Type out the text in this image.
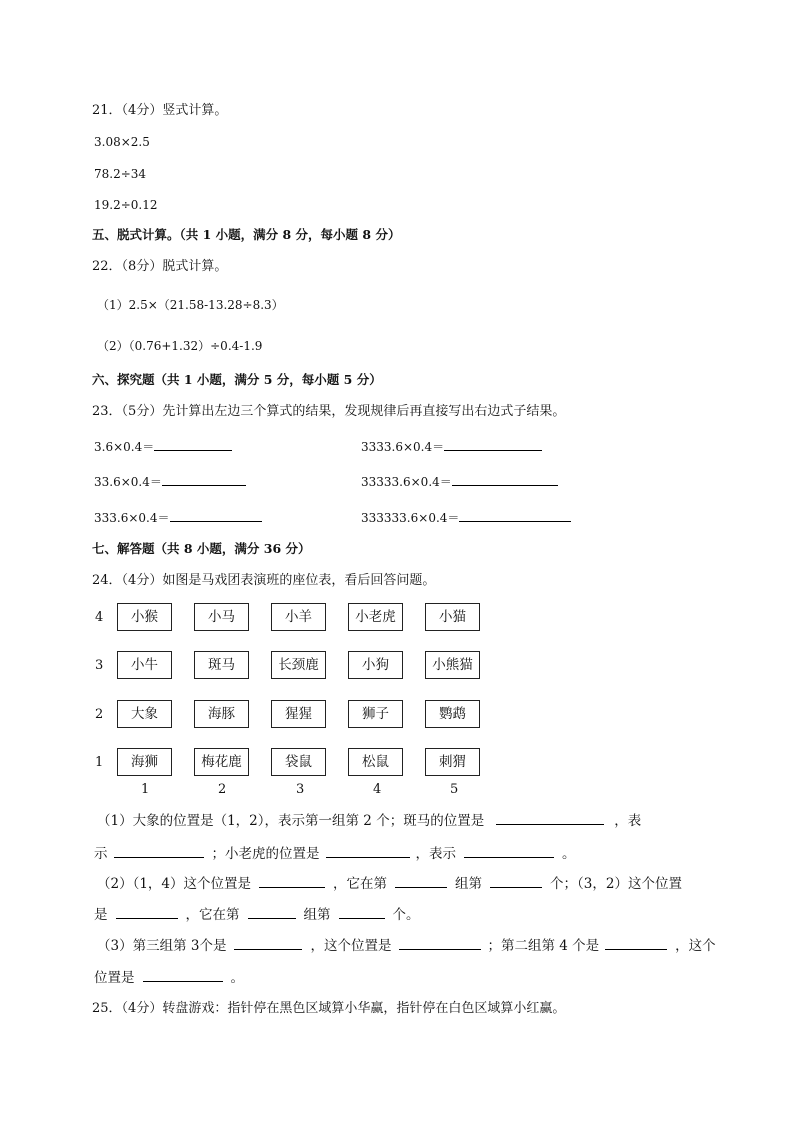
21．（4分）竖式计算。
3.08×2.5
78.2÷34
19.2÷0.12
五、脱式计算。（共 1 小题，满分 8 分，每小题 8 分）
22．（8分）脱式计算。
（1）2.5×（21.58-13.28÷8.3）
（2）（0.76+1.32）÷0.4-1.9
六、探究题（共 1 小题，满分 5 分，每小题 5 分）
23．（5分）先计算出左边三个算式的结果，发现规律后再直接写出右边式子结果。
3.6×0.4＝
33.6×0.4＝
333.6×0.4＝
3333.6×0.4＝
33333.6×0.4＝
333333.6×0.4＝
七、解答题（共 8 小题，满分 36 分）
24．（4分）如图是马戏团表演班的座位表，看后回答问题。
4	小猴	小马	小羊	小老虎	小猫
3	小牛	斑马	长颈鹿	小狗	小熊猫
2	大象	海豚	猩猩	狮子	鹦鹉
1	海狮	梅花鹿	袋鼠	松鼠	刺猬
1	2	3	4	5
（1）大象的位置是（1，2），表示第一组第 2 个；斑马的位置是	，表
示	；小老虎的位置是	，表示	。
（2）（1，4）这个位置是	，它在第	组第	个；（3，2）这个位置
是	，它在第	组第	个。
（3）第三组第 3个是	，这个位置是	；第二组第 4 个是	，这个
位置是	。
25．（4分）转盘游戏：指针停在黑色区域算小华赢，指针停在白色区域算小红赢。
